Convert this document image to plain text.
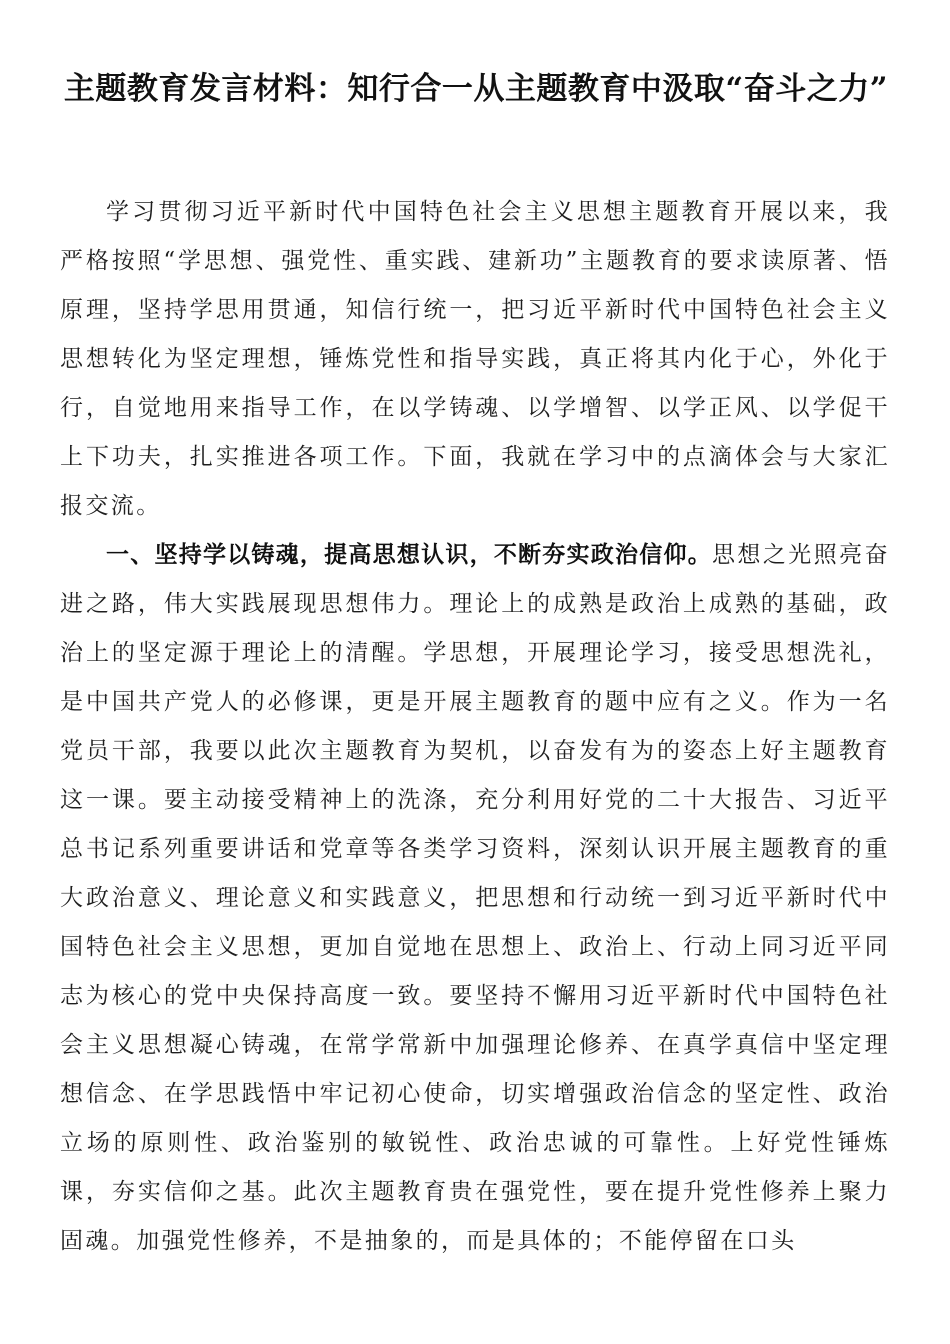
主题教育发言材料：知行合一从主题教育中汲取“奋斗之力”

学习贯彻习近平新时代中国特色社会主义思想主题教育开展以来，我严格按照“学思想、强党性、重实践、建新功”主题教育的要求读原著、悟原理，坚持学思用贯通，知信行统一，把习近平新时代中国特色社会主义思想转化为坚定理想，锤炼党性和指导实践，真正将其内化于心，外化于行，自觉地用来指导工作，在以学铸魂、以学增智、以学正风、以学促干上下功夫，扎实推进各项工作。下面，我就在学习中的点滴体会与大家汇报交流。

一、坚持学以铸魂，提高思想认识，不断夯实政治信仰。思想之光照亮奋进之路，伟大实践展现思想伟力。理论上的成熟是政治上成熟的基础，政治上的坚定源于理论上的清醒。学思想，开展理论学习，接受思想洗礼，是中国共产党人的必修课，更是开展主题教育的题中应有之义。作为一名党员干部，我要以此次主题教育为契机，以奋发有为的姿态上好主题教育这一课。要主动接受精神上的洗涤，充分利用好党的二十大报告、习近平总书记系列重要讲话和党章等各类学习资料，深刻认识开展主题教育的重大政治意义、理论意义和实践意义，把思想和行动统一到习近平新时代中国特色社会主义思想，更加自觉地在思想上、政治上、行动上同习近平同志为核心的党中央保持高度一致。要坚持不懈用习近平新时代中国特色社会主义思想凝心铸魂，在常学常新中加强理论修养、在真学真信中坚定理想信念、在学思践悟中牢记初心使命，切实增强政治信念的坚定性、政治立场的原则性、政治鉴别的敏锐性、政治忠诚的可靠性。上好党性锤炼课，夯实信仰之基。此次主题教育贵在强党性，要在提升党性修养上聚力固魂。加强党性修养，不是抽象的，而是具体的；不能停留在口头
